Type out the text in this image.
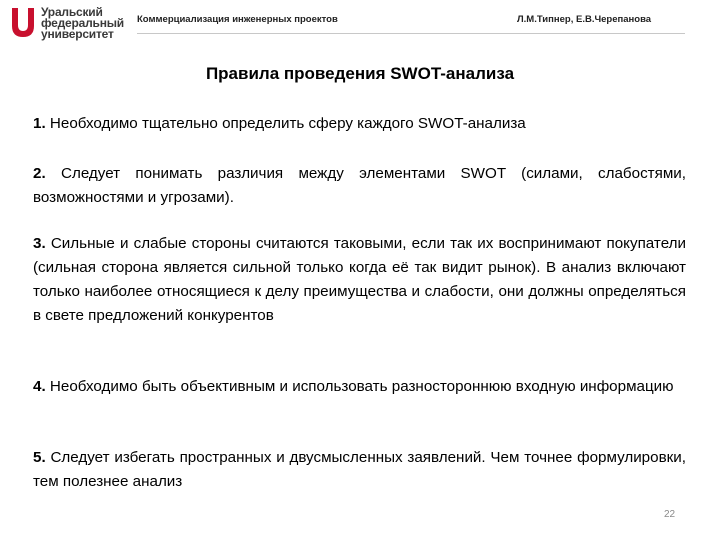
Уральский
федеральный
университет
Коммерциализация инженерных проектов	Л.М.Типнер, Е.В.Черепанова
Правила проведения SWOT-анализа
1. Необходимо тщательно определить сферу каждого SWOT-анализа
2. Следует понимать различия между элементами SWOT (силами, слабостями, возможностями и угрозами).
3. Сильные и слабые стороны считаются таковыми, если так их воспринимают покупатели (сильная сторона является сильной только когда её так видит рынок). В анализ включают только наиболее относящиеся к делу преимущества и слабости, они должны определяться в свете предложений конкурентов
4. Необходимо быть объективным и использовать разностороннюю входную информацию
5. Следует избегать пространных и двусмысленных заявлений. Чем точнее формулировки, тем полезнее анализ
22
